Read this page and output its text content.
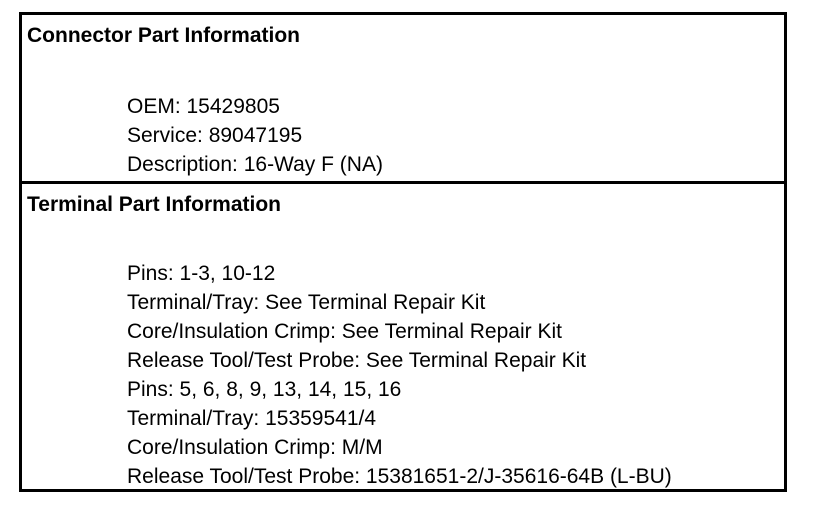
Connector Part Information
OEM: 15429805
Service: 89047195
Description: 16-Way F (NA)
Terminal Part Information
Pins: 1-3, 10-12
Terminal/Tray: See Terminal Repair Kit
Core/Insulation Crimp: See Terminal Repair Kit
Release Tool/Test Probe: See Terminal Repair Kit
Pins: 5, 6, 8, 9, 13, 14, 15, 16
Terminal/Tray: 15359541/4
Core/Insulation Crimp: M/M
Release Tool/Test Probe: 15381651-2/J-35616-64B (L-BU)
